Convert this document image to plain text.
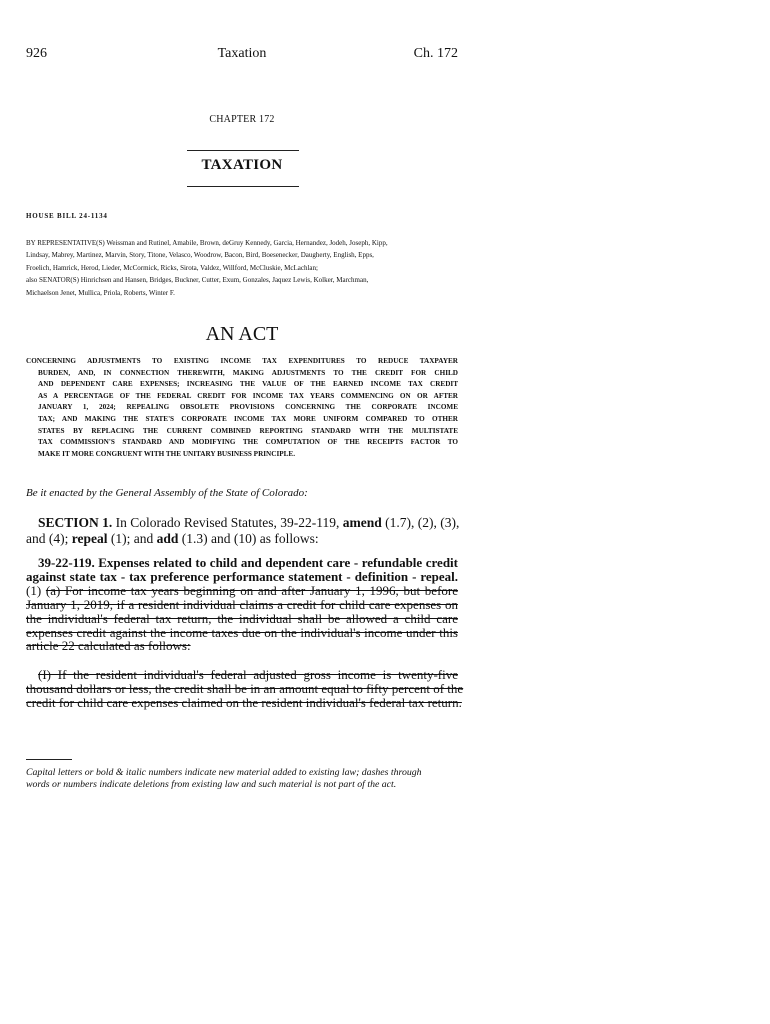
926	Taxation	Ch. 172
CHAPTER 172
TAXATION
HOUSE BILL 24-1134
BY REPRESENTATIVE(S) Weissman and Rutinel, Amabile, Brown, deGruy Kennedy, Garcia, Hernandez, Jodeh, Joseph, Kipp,
Lindsay, Mabrey, Martinez, Marvin, Story, Titone, Velasco, Woodrow, Bacon, Bird, Boesenecker, Daugherty, English, Epps,
Froelich, Hamrick, Herod, Lieder, McCormick, Ricks, Sirota, Valdez, Willford, McCluskie, McLachlan;
also SENATOR(S) Hinrichsen and Hansen, Bridges, Buckner, Cutter, Exum, Gonzales, Jaquez Lewis, Kolker, Marchman,
Michaelson Jenet, Mullica, Priola, Roberts, Winter F.
AN ACT
CONCERNING ADJUSTMENTS TO EXISTING INCOME TAX EXPENDITURES TO REDUCE TAXPAYER
BURDEN, AND, IN CONNECTION THEREWITH, MAKING ADJUSTMENTS TO THE CREDIT FOR CHILD
AND DEPENDENT CARE EXPENSES; INCREASING THE VALUE OF THE EARNED INCOME TAX CREDIT
AS A PERCENTAGE OF THE FEDERAL CREDIT FOR INCOME TAX YEARS COMMENCING ON OR AFTER
JANUARY 1, 2024; REPEALING OBSOLETE PROVISIONS CONCERNING THE CORPORATE INCOME
TAX; AND MAKING THE STATE'S CORPORATE INCOME TAX MORE UNIFORM COMPARED TO OTHER
STATES BY REPLACING THE CURRENT COMBINED REPORTING STANDARD WITH THE MULTISTATE
TAX COMMISSION'S STANDARD AND MODIFYING THE COMPUTATION OF THE RECEIPTS FACTOR TO
MAKE IT MORE CONGRUENT WITH THE UNITARY BUSINESS PRINCIPLE.
Be it enacted by the General Assembly of the State of Colorado:
SECTION 1. In Colorado Revised Statutes, 39-22-119, amend (1.7), (2), (3),
and (4); repeal (1); and add (1.3) and (10) as follows:
39-22-119. Expenses related to child and dependent care - refundable credit
against state tax - tax preference performance statement - definition - repeal.
(1) (a) For income tax years beginning on and after January 1, 1996, but before
January 1, 2019, if a resident individual claims a credit for child care expenses on
the individual's federal tax return, the individual shall be allowed a child care
expenses credit against the income taxes due on the individual's income under this
article 22 calculated as follows:
(I) If the resident individual's federal adjusted gross income is twenty-five
thousand dollars or less, the credit shall be in an amount equal to fifty percent of the
credit for child care expenses claimed on the resident individual's federal tax return.
Capital letters or bold & italic numbers indicate new material added to existing law; dashes through
words or numbers indicate deletions from existing law and such material is not part of the act.
